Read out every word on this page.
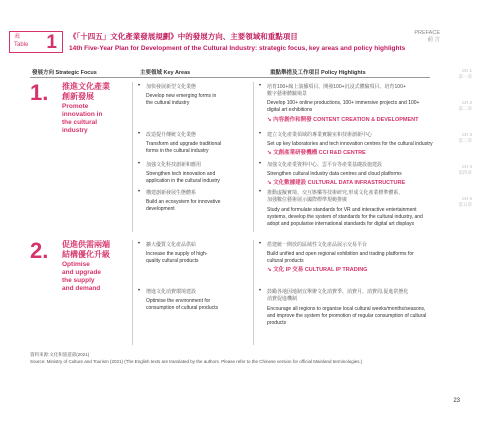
表
Table 1 《「十四五」文化產業發展規劃》中的發展方向、主要領域和重點項目
14th Five-Year Plan for Development of the Cultural Industry: strategic focus, key areas and policy highlights
PREFACE
前 言
CH 1
第一章
CH 2
第二章
CH 3
第三章
CH 4
第四章
CH 5
第五章
發展方向 Strategic Focus	主要領域 Key Areas	重點舉措及工作項目 Policy Highlights
1. 推進文化產業
創新發展
Promote
innovation in
the cultural
industry
• 加快發展新型文化業態
Develop new emerging forms in
the cultural industry
• 改造提升傳統文化業態
Transform and upgrade traditional
forms in the cultural industry
• 加強文化科技創新和應用
Strengthen tech innovation and
application in the cultural industry
• 構建創新發展生態體系
Build an ecosystem for innovative
development
• 培育100+線上演播項目、開發100+沉浸式體驗項目、培育100+
數字藝術體驗場景
Develop 100+ online productions, 100+ immersive projects and 100+
digital art exhibitions
➘ 內容創作和開發 CONTENT CREATION & DEVELOPMENT
• 建立文化產業領域的專業實驗室和技術創新中心
Set up key laboratories and tech innovation centres for the cultural industry
➘ 文創產業研發機構 CCI R&D CENTRE
• 加強文化產業資料中心、雲平台等產業基礎設施建設
Strengthen cultural industry data centres and cloud platforms
➘ 文化數據建設 CULTURAL DATA INFRASTRUCTURE
• 推動虛擬實境、交互娛樂等技術研究,形成文化產業標準體系,
加強數位藝術展示國際標準規範推廣
Study and formulate standards for VR and interactive entertainment
systems, develop the system of standards for the cultural industry, and
adopt and popularise international standards for digital art displays
2. 促進供需兩端
結構優化升級
Optimise
and upgrade
the supply
and demand
• 擴大優質文化產品供給
Increase the supply of high-
quality cultural products
• 增進文化消費環境建設
Optimise the environment for
consumption of cultural products
• 搭建統一開放的區域性文化產品展示交易平台
Build unified and open regional exhibition and trading platforms for
cultural products
➘ 文化 IP 交易 CULTURAL IP TRADING
• 鼓勵各地因地制宜舉辦文化消費季、消費月、消費周,促進常態化
消費促進機制
Encourage all regions to organise local cultural weeks/months/seasons,
and improve the system for promotion of regular consumption of cultural
products
資料來源:文化和旅遊部(2021)
Source: Ministry of Culture and Tourism (2021) (The English texts are translated by the authors. Please refer to the Chinese version for official Mainland terminologies.)
23
